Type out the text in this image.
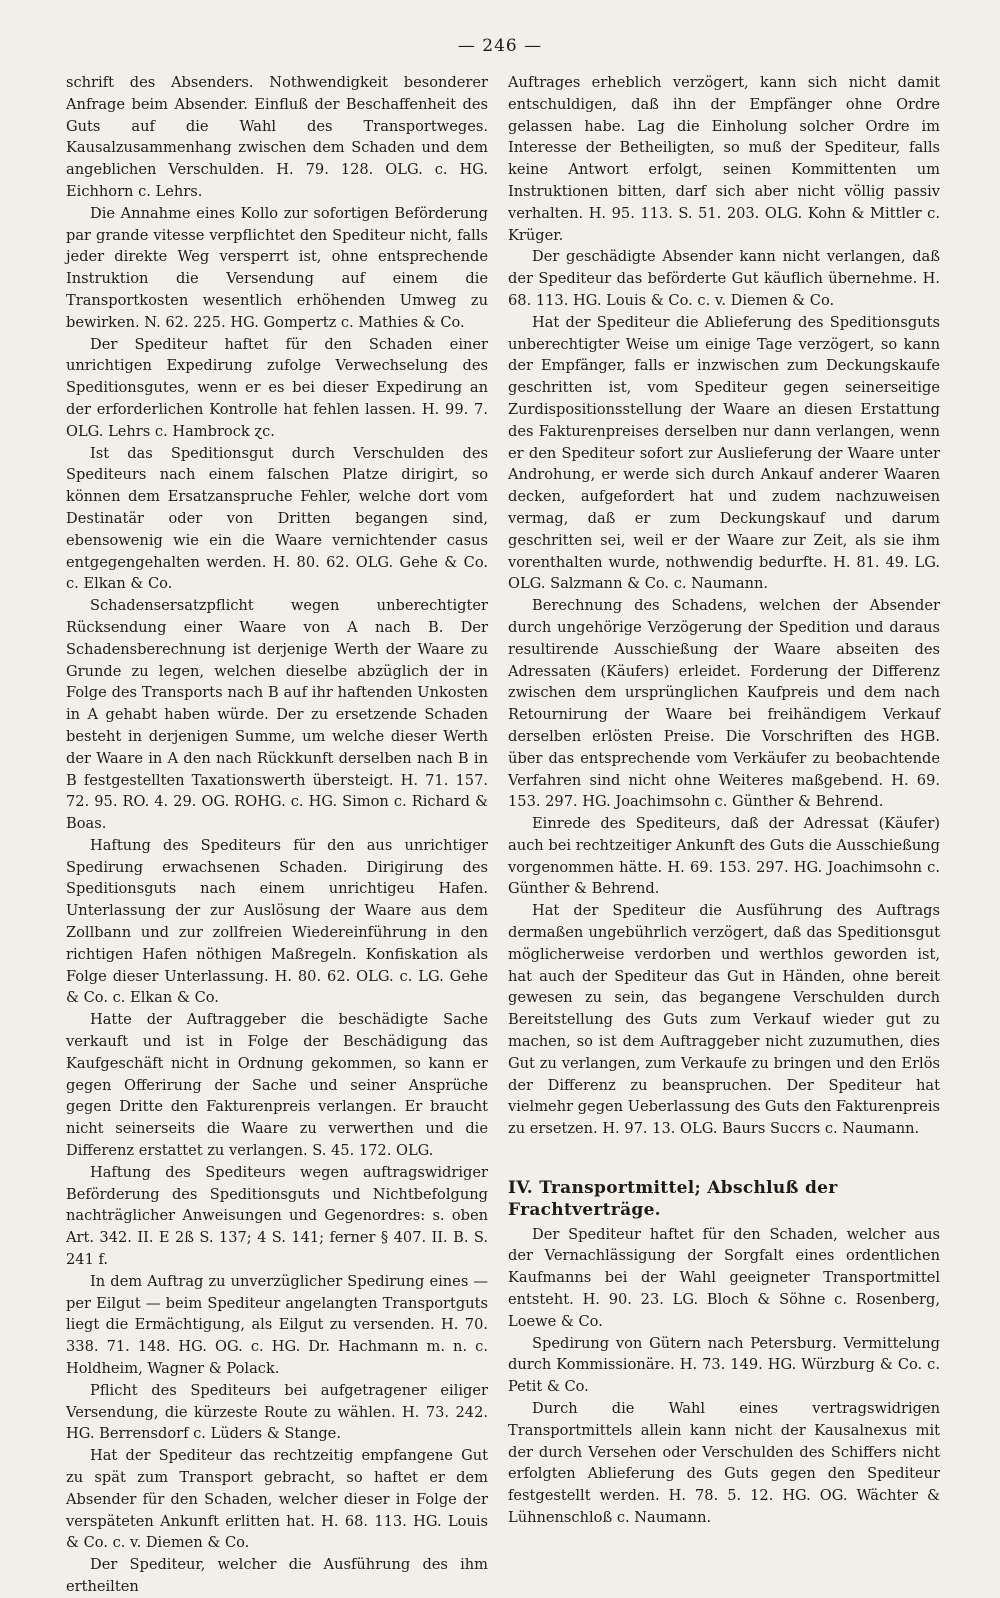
— 246 —

schrift des Absenders. Nothwendigkeit besonderer Anfrage beim Absender. Einfluß der Beschaffenheit des Guts auf die Wahl des Transportweges. Kausalzusammenhang zwischen dem Schaden und dem angeblichen Verschulden. H. 79. 128. OLG. c. HG. Eichhorn c. Lehrs.

Die Annahme eines Kollo zur sofortigen Beförderung par grande vitesse verpflichtet den Spediteur nicht, falls jeder direkte Weg versperrt ist, ohne entsprechende Instruktion die Versendung auf einem die Transportkosten wesentlich erhöhenden Umweg zu bewirken. N. 62. 225. HG. Gompertz c. Mathies & Co.

Der Spediteur haftet für den Schaden einer unrichtigen Expedirung zufolge Verwechselung des Speditionsgutes, wenn er es bei dieser Expedirung an der erforderlichen Kontrolle hat fehlen lassen. H. 99. 7. OLG. Lehrs c. Hambrock ɀc.

Ist das Speditionsgut durch Verschulden des Spediteurs nach einem falschen Platze dirigirt, so können dem Ersatzanspruche Fehler, welche dort vom Destinatär oder von Dritten begangen sind, ebensowenig wie ein die Waare vernichtender casus entgegengehalten werden. H. 80. 62. OLG. Gehe & Co. c. Elkan & Co.

Schadensersatzpflicht wegen unberechtigter Rücksendung einer Waare von A nach B. Der Schadensberechnung ist derjenige Werth der Waare zu Grunde zu legen, welchen dieselbe abzüglich der in Folge des Transports nach B auf ihr haftenden Unkosten in A gehabt haben würde. Der zu ersetzende Schaden besteht in derjenigen Summe, um welche dieser Werth der Waare in A den nach Rückkunft derselben nach B in B festgestellten Taxationswerth übersteigt. H. 71. 157. 72. 95. RO. 4. 29. OG. ROHG. c. HG. Simon c. Richard & Boas.

Haftung des Spediteurs für den aus unrichtiger Spedirung erwachsenen Schaden. Dirigirung des Speditionsguts nach einem unrichtigeu Hafen. Unterlassung der zur Auslösung der Waare aus dem Zollbann und zur zollfreien Wiedereinführung in den richtigen Hafen nöthigen Maßregeln. Konfiskation als Folge dieser Unterlassung. H. 80. 62. OLG. c. LG. Gehe & Co. c. Elkan & Co.

Hatte der Auftraggeber die beschädigte Sache verkauft und ist in Folge der Beschädigung das Kaufgeschäft nicht in Ordnung gekommen, so kann er gegen Offerirung der Sache und seiner Ansprüche gegen Dritte den Fakturenpreis verlangen. Er braucht nicht seinerseits die Waare zu verwerthen und die Differenz erstattet zu verlangen. S. 45. 172. OLG.

Haftung des Spediteurs wegen auftragswidriger Beförderung des Speditionsguts und Nichtbefolgung nachträglicher Anweisungen und Gegenordres: s. oben Art. 342. II. E 2ß S. 137; 4 S. 141; ferner § 407. II. B. S. 241 f.

In dem Auftrag zu unverzüglicher Spedirung eines — per Eilgut — beim Spediteur angelangten Transportguts liegt die Ermächtigung, als Eilgut zu versenden. H. 70. 338. 71. 148. HG. OG. c. HG. Dr. Hachmann m. n. c. Holdheim, Wagner & Polack.

Pflicht des Spediteurs bei aufgetragener eiliger Versendung, die kürzeste Route zu wählen. H. 73. 242. HG. Berrensdorf c. Lüders & Stange.

Hat der Spediteur das rechtzeitig empfangene Gut zu spät zum Transport gebracht, so haftet er dem Absender für den Schaden, welcher dieser in Folge der verspäteten Ankunft erlitten hat. H. 68. 113. HG. Louis & Co. c. v. Diemen & Co.

Der Spediteur, welcher die Ausführung des ihm ertheilten

Auftrages erheblich verzögert, kann sich nicht damit entschuldigen, daß ihn der Empfänger ohne Ordre gelassen habe. Lag die Einholung solcher Ordre im Interesse der Betheiligten, so muß der Spediteur, falls keine Antwort erfolgt, seinen Kommittenten um Instruktionen bitten, darf sich aber nicht völlig passiv verhalten. H. 95. 113. S. 51. 203. OLG. Kohn & Mittler c. Krüger.

Der geschädigte Absender kann nicht verlangen, daß der Spediteur das beförderte Gut käuflich übernehme. H. 68. 113. HG. Louis & Co. c. v. Diemen & Co.

Hat der Spediteur die Ablieferung des Speditionsguts unberechtigter Weise um einige Tage verzögert, so kann der Empfänger, falls er inzwischen zum Deckungskaufe geschritten ist, vom Spediteur gegen seinerseitige Zurdispositionsstellung der Waare an diesen Erstattung des Fakturenpreises derselben nur dann verlangen, wenn er den Spediteur sofort zur Auslieferung der Waare unter Androhung, er werde sich durch Ankauf anderer Waaren decken, aufgefordert hat und zudem nachzuweisen vermag, daß er zum Deckungskauf und darum geschritten sei, weil er der Waare zur Zeit, als sie ihm vorenthalten wurde, nothwendig bedurfte. H. 81. 49. LG. OLG. Salzmann & Co. c. Naumann.

Berechnung des Schadens, welchen der Absender durch ungehörige Verzögerung der Spedition und daraus resultirende Ausschießung der Waare abseiten des Adressaten (Käufers) erleidet. Forderung der Differenz zwischen dem ursprünglichen Kaufpreis und dem nach Retournirung der Waare bei freihändigem Verkauf derselben erlösten Preise. Die Vorschriften des HGB. über das entsprechende vom Verkäufer zu beobachtende Verfahren sind nicht ohne Weiteres maßgebend. H. 69. 153. 297. HG. Joachimsohn c. Günther & Behrend.

Einrede des Spediteurs, daß der Adressat (Käufer) auch bei rechtzeitiger Ankunft des Guts die Ausschießung vorgenommen hätte. H. 69. 153. 297. HG. Joachimsohn c. Günther & Behrend.

Hat der Spediteur die Ausführung des Auftrags dermaßen ungebührlich verzögert, daß das Speditionsgut möglicherweise verdorben und werthlos geworden ist, hat auch der Spediteur das Gut in Händen, ohne bereit gewesen zu sein, das begangene Verschulden durch Bereitstellung des Guts zum Verkauf wieder gut zu machen, so ist dem Auftraggeber nicht zuzumuthen, dies Gut zu verlangen, zum Verkaufe zu bringen und den Erlös der Differenz zu beanspruchen. Der Spediteur hat vielmehr gegen Ueberlassung des Guts den Fakturenpreis zu ersetzen. H. 97. 13. OLG. Baurs Succrs c. Naumann.

IV. Transportmittel; Abschluß der Frachtverträge.

Der Spediteur haftet für den Schaden, welcher aus der Vernachlässigung der Sorgfalt eines ordentlichen Kaufmanns bei der Wahl geeigneter Transportmittel entsteht. H. 90. 23. LG. Bloch & Söhne c. Rosenberg, Loewe & Co.

Spedirung von Gütern nach Petersburg. Vermittelung durch Kommissionäre. H. 73. 149. HG. Würzburg & Co. c. Petit & Co.

Durch die Wahl eines vertragswidrigen Transportmittels allein kann nicht der Kausalnexus mit der durch Versehen oder Verschulden des Schiffers nicht erfolgten Ablieferung des Guts gegen den Spediteur festgestellt werden. H. 78. 5. 12. HG. OG. Wächter & Lühnenschloß c. Naumann.
